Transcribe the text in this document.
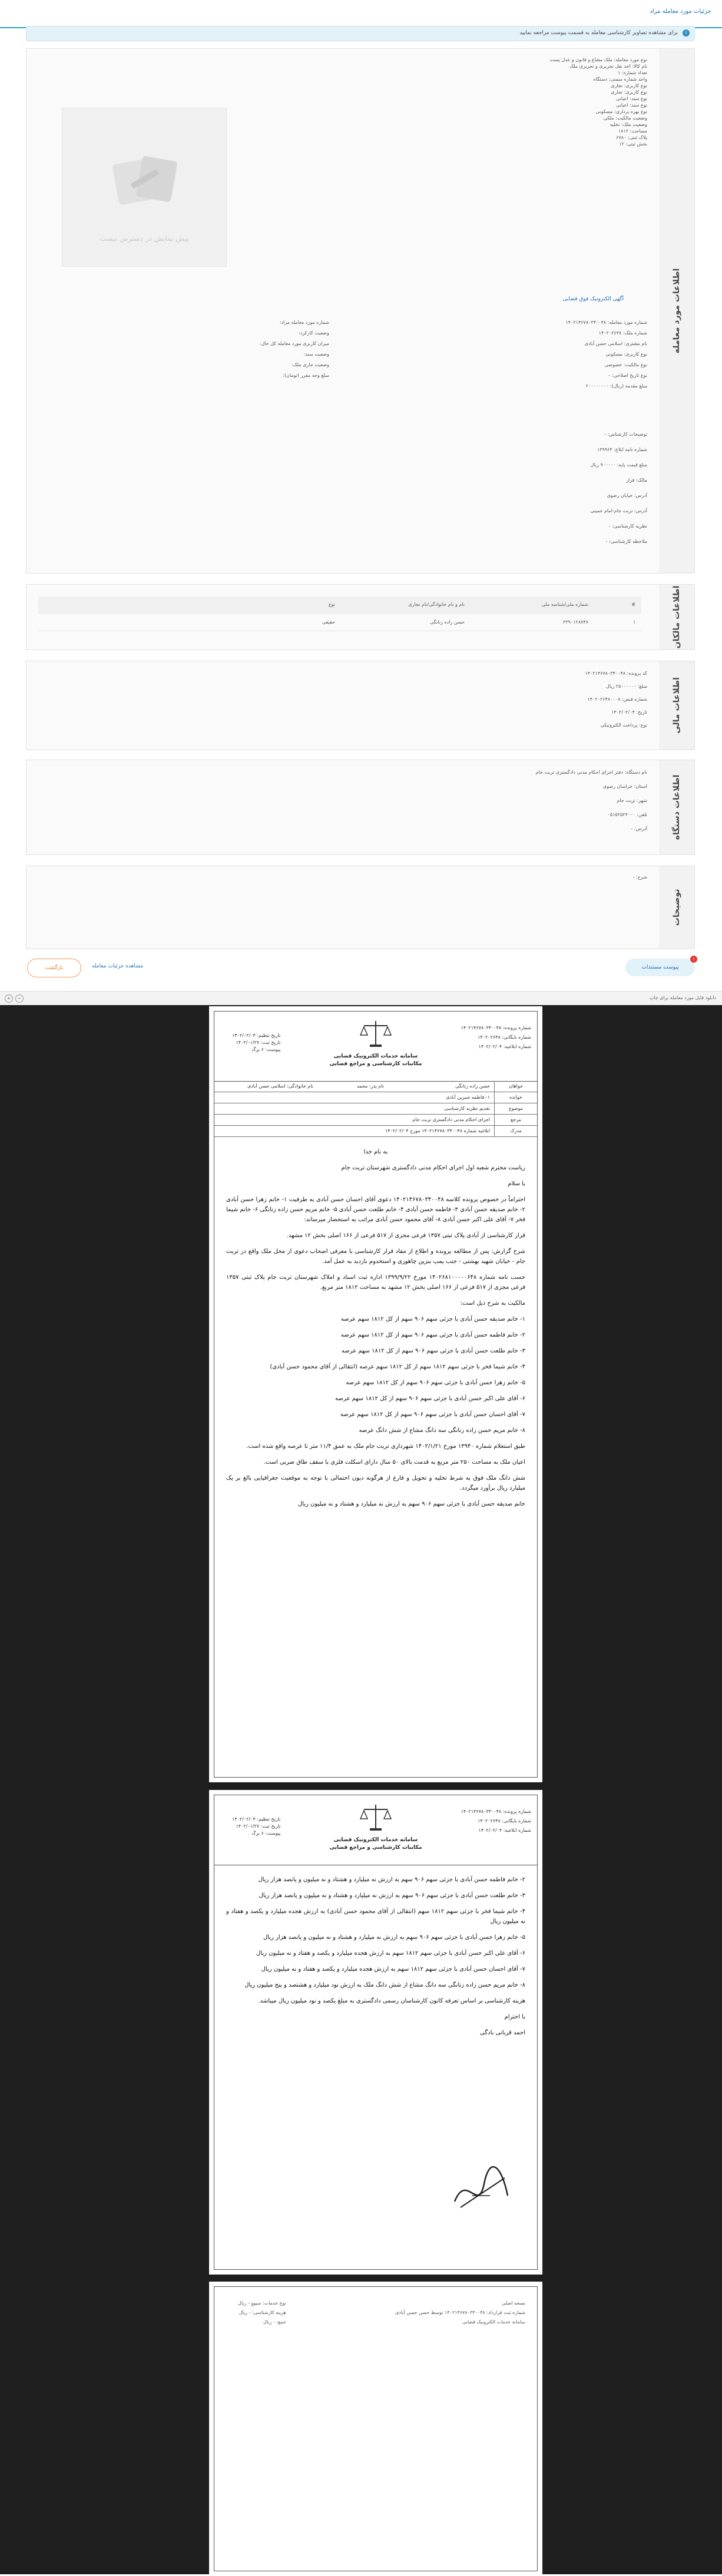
جزئیات مورد معامله مزاد
i
برای مشاهده تصاویر کارشناسی معامله به قسمت پیوست مراجعه نمایید
اطلاعات مورد معامله
نوع مورد معامله: ملک مشاع و قانون و عدل پست
نام کالا: اخذ نقل تحریری و تحریری ملک
تعداد شماره: ۱
واحد شماره سمتی: دستگاه
نوع کاربری: تجاری
نوع کاربری: تجاری
نوع سند: اعیانی
نوع سند: اعیانی
نوع بهره برداری: مسکونی
وضعیت مالکیت: ملکی
وضعیت ملک: تخلیه
مساحت: ۱۸۱۲
پلاک ثبتی: ۶۷۸۰
بخش ثبتی: ۱۲
پیش نمایش در دسترس نیست
آگهی الکترونیک فوق قضایی
شماره مورد معامله: ۱۴۰۲۱۴۶۷۸۰۳۴۰۰۴۸
شماره ملک: ۱۴۰۲۰۲۶۴۸
نام مشتری: اسلامی حسن آبادی
نوع کاربری: مسکونی
نوع مالکیت: خصوصی
نوع تاریخ اصلاحی: -
مبلغ مقدمه (ریال): ۲۰۰۰۰۰۰۰۰
شماره مورد معامله مزاد:
وضعیت کارکرد:
میزان کاربری مورد معامله کل حال:
وضعیت سند:
وضعیت جاری ملک:
مبلغ وجه مقرر (تومان):
توضیحات کارشناس: -
شماره نامه ابلاغ: ۱۳۹۹۶۴
مبلغ قیمت پایه: ۹۰۰۰۰۰ ریال
مالک: قرار
آدرس: خیابان رضوی
آدرس: تربت جام-امام خمینی
نظریه کارشناسی: -
ملاحظه کارشناسی: -
اطلاعات مالکان
#
شماره ملی/شناسه ملی
نام و نام خانوادگی/نام تجاری
نوع
۱
۳۳۹۰۱۲۸۷۴۷
حسن زاده زنانگی
حقیقی
اطلاعات مالی
کد پرونده: ۱۴۰۲۱۴۶۷۸۰۳۴۰۰۴۸
مبلغ: ۲۵۰۰۰۰۰۰ ریال
شماره قبض: ۱۴۰۲۰۲۶۴۸۰۰۰۸
تاریخ: ۱۴۰۲/۰۲/۰۴
نوع: پرداخت الکترونیکی
اطلاعات دستگاه
نام دستگاه: دفتر اجرای احکام مدنی دادگستری تربت جام
استان: خراسان رضوی
شهر: تربت جام
تلفن: ۰۵۱۵۲۵۲۴۰۰۰
آدرس: -
توضیحات
شرح: -
پیوست مستندات
۱
مشاهده جزئیات معامله
بازگشت
دانلود فایل مورد معامله برای چاپ
+	−
سامانه خدمات الکترونیک قضایی
مکاتبات کارشناسی و مراجع قضایی
شماره پرونده: ۱۴۰۲۱۴۶۷۸۰۳۴۰۰۴۸
شماره بایگانی: ۱۴۰۲۰۲۶۴۸
شماره ابلاغیه: ۱۴۰۲/۰۲/۰۴
تاریخ تنظیم: ۱۴۰۲/۰۲/۰۴
تاریخ ثبت: ۱۴۰۲/۰۱/۲۷
پیوست: ۶ برگ
خواهان
حسن زاده زنانگی
نام پدر: محمد
نام خانوادگی: اسلامی حسن آبادی
خوانده
۱- فاطمه شیرین آبادی
موضوع
تقدیم نظریه کارشناسی
مرجع
اجرای احکام مدنی دادگستری تربت جام
مدرک
ابلاغیه شماره ۱۴۰۲۱۴۶۷۸۰۳۴۰۰۴۸ مورخ ۱۴۰۲/۰۲/۰۴

به نام خدا

ریاست محترم شعبه اول اجرای احکام مدنی دادگستری شهرستان تربت جام

با سلام

احتراماً در خصوص پرونده کلاسه ۱۴۰۲۱۴۶۷۸۰۳۴۰۰۴۸ دعوی آقای احسان حسن آبادی به طرفیت ۱- خانم زهرا حسن آبادی ۲- خانم صدیقه حسن آبادی ۳- فاطمه حسن آبادی ۴- خانم طلعت حسن آبادی ۵- خانم مریم حسن زاده زنانگی ۶- خانم شیما فخر ۷- آقای علی اکبر حسن آبادی ۸- آقای محمود حسن آبادی مراتب به استحضار میرساند:

قرار کارشناسی از آبادی پلاک ثبتی ۱۳۵۷ فرعی مجزی از ۵۱۷ فرعی از ۱۶۶ اصلی بخش ۱۲ مشهد.

شرح گزارش: پس از مطالعه پرونده و اطلاع از مفاد قرار کارشناسی با معرفی اصحاب دعوی از محل ملک واقع در تربت جام - خیابان شهید بهشتی - جنب پمپ بنزین چاهوری و استخدوم بازدید به عمل آمد.

حسب نامه شماره ۱۴۰۲۶۸۱۰۰۰۰۰۶۴۸ مورخ ۱۳۹۹/۹/۲۲ اداره ثبت اسناد و املاک شهرستان تربت جام پلاک ثبتی ۱۳۵۷ فرعی مجزی از ۵۱۷ فرعی از ۱۶۶ اصلی بخش ۱۲ مشهد به مساحت ۱۸۱۲ متر مربع.

مالکیت به شرح ذیل است:

۱- خانم صدیقه حسن آبادی با جزئی سهم ۹۰۶ سهم از کل ۱۸۱۲ سهم عرصه

۲- خانم فاطمه حسن آبادی با جزئی سهم ۹۰۶ سهم از کل ۱۸۱۲ سهم عرصه

۳- خانم طلعت حسن آبادی با جزئی سهم ۹۰۶ سهم از کل ۱۸۱۲ سهم عرصه

۴- خانم شیما فخر با جزئی سهم ۱۸۱۲ سهم از کل ۱۸۱۲ سهم عرصه (انتقالی از آقای محمود حسن آبادی)

۵- خانم زهرا حسن آبادی با جزئی سهم ۹۰۶ سهم از کل ۱۸۱۲ سهم عرصه

۶- آقای علی اکبر حسن آبادی با جزئی سهم ۹۰۶ سهم از کل ۱۸۱۲ سهم عرصه

۷- آقای احسان حسن آبادی با جزئی سهم ۹۰۶ سهم از کل ۱۸۱۲ سهم عرصه

۸- خانم مریم حسن زاده زنانگی سه دانگ مشاع از شش دانگ عرصه

طبق استعلام شماره ۱۳۹۴۰ مورخ ۱۴۰۲/۱/۲۱ شهرداری تربت جام ملک به عمق ۱۱/۴ متر تا عرصه واقع شده است.

اعیان ملک به مساحت ۲۵۰ متر مربع به قدمت بالای ۵۰ سال دارای اسکلت فلزی با سقف طاق ضربی است.

شش دانگ ملک فوق به شرط تخلیه و تحویل و فارغ از هرگونه دیون احتمالی با توجه به موقعیت جغرافیایی بالغ بر یک میلیارد ریال برآورد میگردد.

خانم صدیقه حسن آبادی با جزئی سهم ۹۰۶ سهم به ارزش نه میلیارد و هشتاد و نه میلیون ریال

سامانه خدمات الکترونیک قضایی
مکاتبات کارشناسی و مراجع قضایی
شماره پرونده: ۱۴۰۲۱۴۶۷۸۰۳۴۰۰۴۸
شماره بایگانی: ۱۴۰۲۰۲۶۴۸
شماره ابلاغیه: ۱۴۰۲/۰۲/۰۴
تاریخ تنظیم: ۱۴۰۲/۰۲/۰۴
تاریخ ثبت: ۱۴۰۲/۰۱/۲۷
پیوست: ۶ برگ

۲- خانم فاطمه حسن آبادی با جزئی سهم ۹۰۶ سهم به ارزش نه میلیارد و هشتاد و نه میلیون و پانصد هزار ریال

۳- خانم طلعت حسن آبادی با جزئی سهم ۹۰۶ سهم به ارزش نه میلیارد و هشتاد و نه میلیون و پانصد هزار ریال

۴- خانم شیما فخر با جزئی سهم ۱۸۱۲ سهم (انتقالی از آقای محمود حسن آبادی) به ارزش هجده میلیارد و یکصد و هفتاد و نه میلیون ریال

۵- خانم زهرا حسن آبادی با جزئی سهم ۹۰۶ سهم به ارزش نه میلیارد و هشتاد و نه میلیون و پانصد هزار ریال

۶- آقای علی اکبر حسن آبادی با جزئی سهم ۱۸۱۲ سهم به ارزش هجده میلیارد و یکصد و هفتاد و نه میلیون ریال

۷- آقای احسان حسن آبادی با جزئی سهم ۱۸۱۲ سهم به ارزش هجده میلیارد و یکصد و هفتاد و نه میلیون ریال

۸- خانم مریم حسن زاده زنانگی سه دانگ مشاع از شش دانگ ملک به ارزش نود میلیارد و هشتصد و پنج میلیون ریال

هزینه کارشناسی بر اساس تعرفه کانون کارشناسان رسمی دادگستری به مبلغ یکصد و نود میلیون ریال میباشد.

با احترام

احمد قربانی بادگی

نسخه اصلی
شماره ثبت قرارداد: ۱۴۰۲۱۴۶۷۸۰۳۴۰۰۴۸ توسط حسن حسن آبادی
سامانه خدمات الکترونیک قضایی
نوع خدمات: سیوو - ریال
هزینه کارشناسی: - ریال
جمع: - ریال
